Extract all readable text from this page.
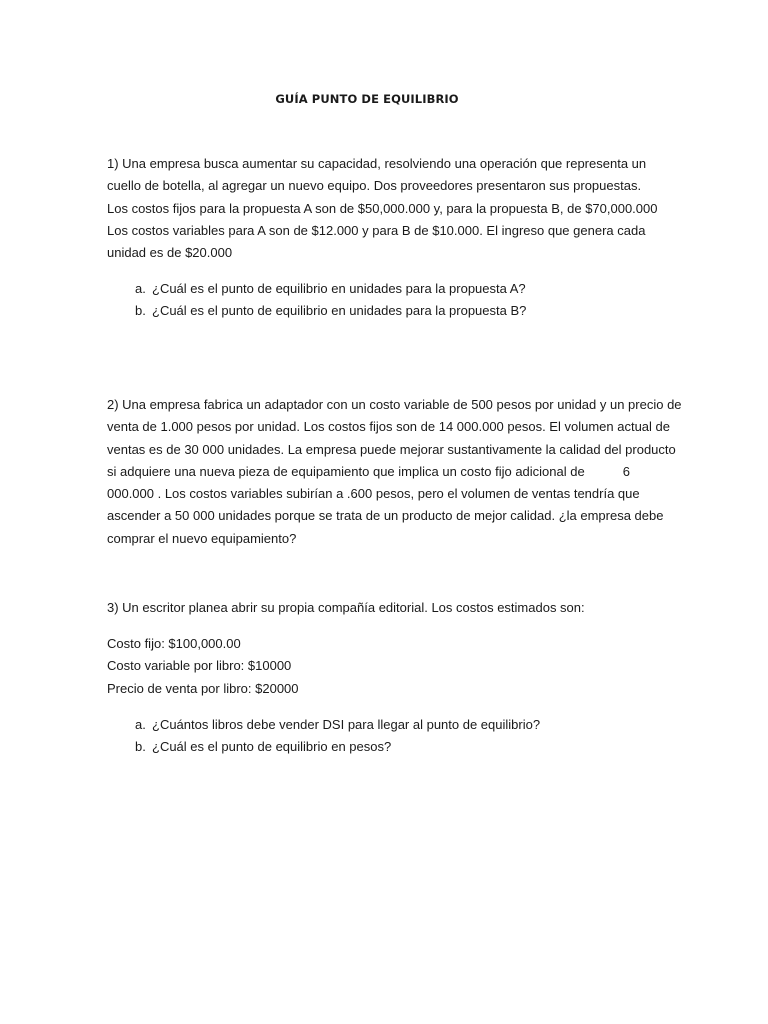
GUÍA PUNTO DE EQUILIBRIO
1) Una empresa busca aumentar su capacidad, resolviendo una operación que representa un
cuello de botella, al agregar un nuevo equipo. Dos proveedores presentaron sus propuestas.
Los costos fijos para la propuesta A son de $50,000.000 y, para la propuesta B, de $70,000.000
Los costos variables para A son de $12.000 y para B de $10.000. El ingreso que genera cada
unidad es de $20.000
a. ¿Cuál es el punto de equilibrio en unidades para la propuesta A?
b. ¿Cuál es el punto de equilibrio en unidades para la propuesta B?
2) Una empresa fabrica un adaptador con un costo variable de 500 pesos por unidad y un precio de
venta de 1.000 pesos por unidad. Los costos fijos son de 14 000.000 pesos. El volumen actual de
ventas es de 30 000 unidades. La empresa puede mejorar sustantivamente la calidad del producto
si adquiere una nueva pieza de equipamiento que implica un costo fijo adicional de	6
000.000 . Los costos variables subirían a .600 pesos, pero el volumen de ventas tendría que
ascender a 50 000 unidades porque se trata de un producto de mejor calidad. ¿la empresa debe
comprar el nuevo equipamiento?
3) Un escritor planea abrir su propia compañía editorial. Los costos estimados son:
Costo fijo: $100,000.00
Costo variable por libro: $10000
Precio de venta por libro: $20000
a. ¿Cuántos libros debe vender DSI para llegar al punto de equilibrio?
b. ¿Cuál es el punto de equilibrio en pesos?
